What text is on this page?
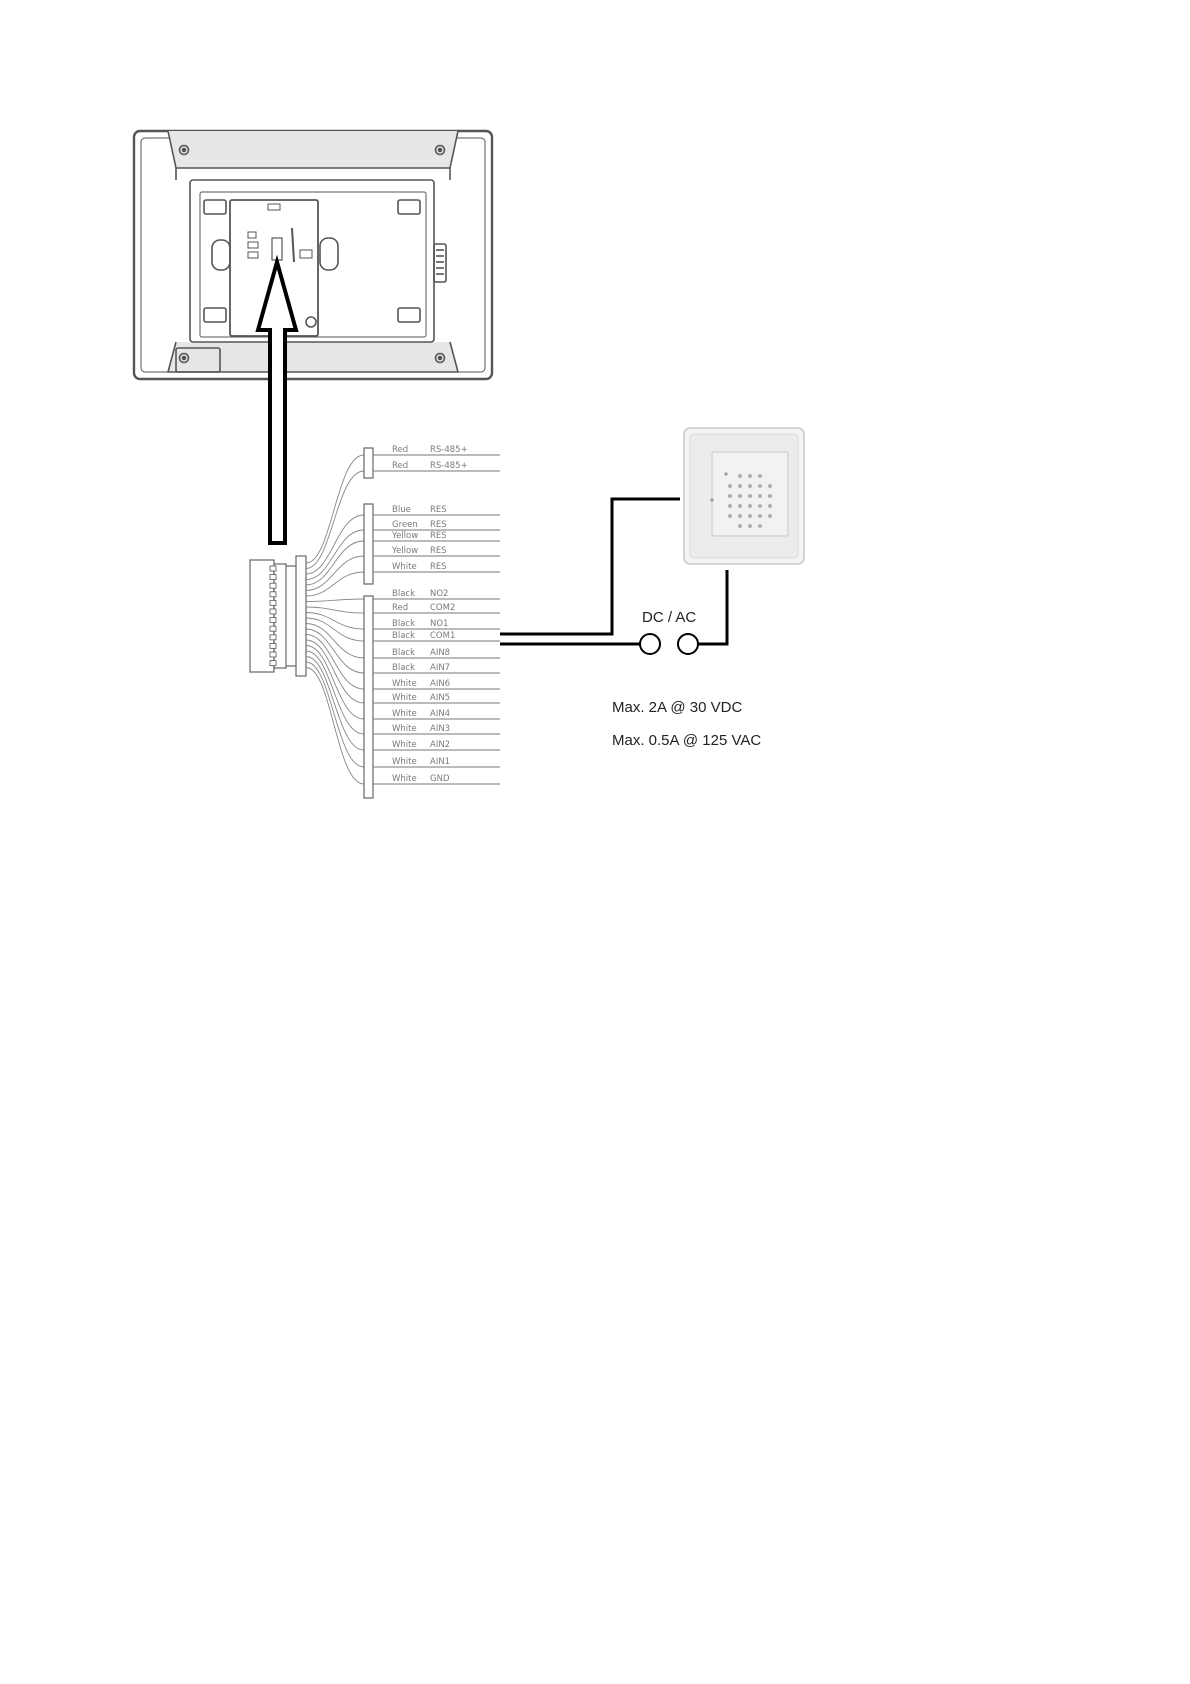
Red	RS-485+
Red	RS-485+
Blue RES
Green RES
Yellow RES
Yellow RES
White RES
Black NO2
Red	COM2
Black NO1
Black COM1
Black AIN8
Black AIN7
White AIN6
White AIN5
White AIN4
White AIN3
White AIN2
White AIN1
White GND
DC / AC
Max. 2A @ 30 VDC
Max. 0.5A @ 125 VAC
